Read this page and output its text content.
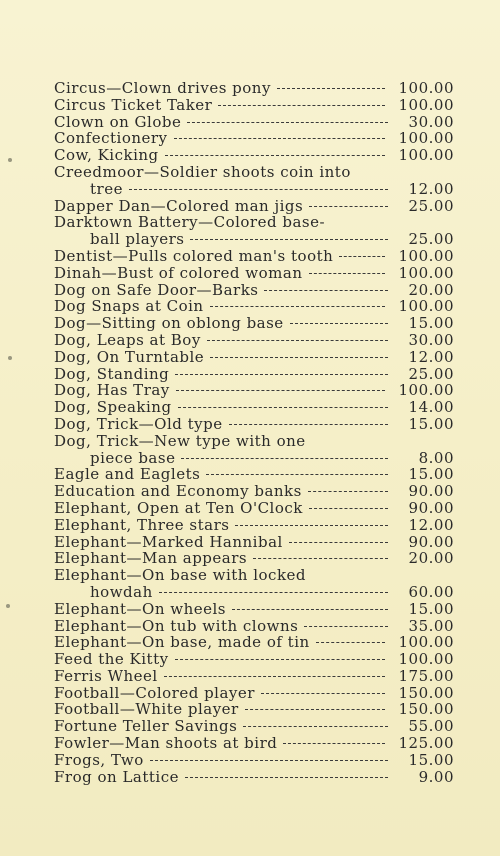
Circus—Clown drives pony	100.00
Circus Ticket Taker	100.00
Clown on Globe	30.00
Confectionery	100.00
Cow, Kicking	100.00
Creedmoor—Soldier shoots coin into
tree	12.00
Dapper Dan—Colored man jigs	25.00
Darktown Battery—Colored base-
ball players	25.00
Dentist—Pulls colored man's tooth	100.00
Dinah—Bust of colored woman	100.00
Dog on Safe Door—Barks	20.00
Dog Snaps at Coin	100.00
Dog—Sitting on oblong base	15.00
Dog, Leaps at Boy	30.00
Dog, On Turntable	12.00
Dog, Standing	25.00
Dog, Has Tray	100.00
Dog, Speaking	14.00
Dog, Trick—Old type	15.00
Dog, Trick—New type with one
piece base	8.00
Eagle and Eaglets	15.00
Education and Economy banks	90.00
Elephant, Open at Ten O'Clock	90.00
Elephant, Three stars	12.00
Elephant—Marked Hannibal	90.00
Elephant—Man appears	20.00
Elephant—On base with locked
howdah	60.00
Elephant—On wheels	15.00
Elephant—On tub with clowns	35.00
Elephant—On base, made of tin	100.00
Feed the Kitty	100.00
Ferris Wheel	175.00
Football—Colored player	150.00
Football—White player	150.00
Fortune Teller Savings	55.00
Fowler—Man shoots at bird	125.00
Frogs, Two	15.00
Frog on Lattice	9.00
